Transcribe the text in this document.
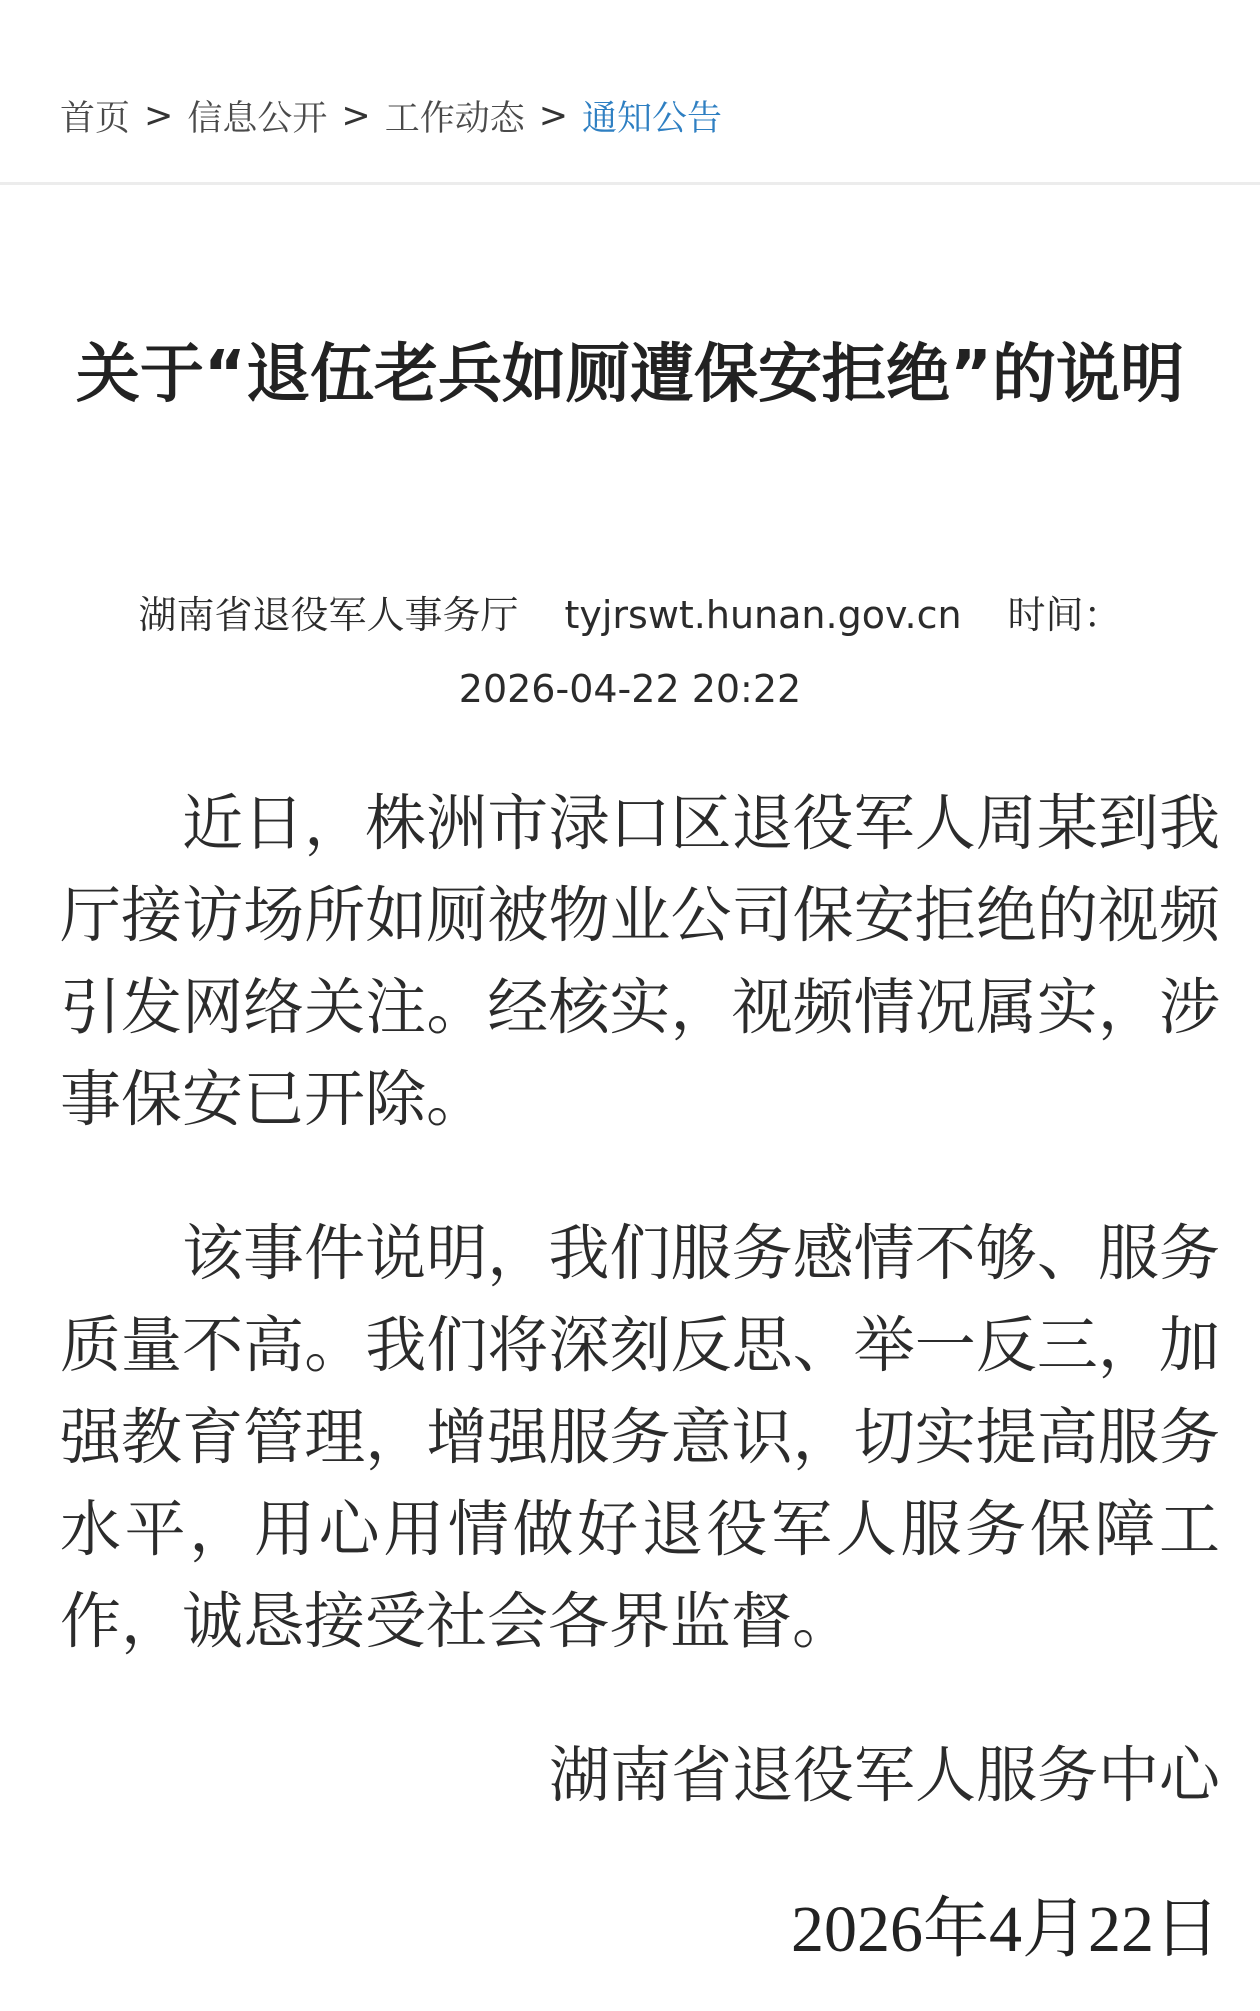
首页 > 信息公开 > 工作动态 > 通知公告
关于“退伍老兵如厕遭保安拒绝”的说明
湖南省退役军人事务厅 tyjrswt.hunan.gov.cn 时间：
2026-04-22 20:22

近日，株洲市渌口区退役军人周某到我厅接访场所如厕被物业公司保安拒绝的视频引发网络关注。经核实，视频情况属实，涉事保安已开除。

该事件说明，我们服务感情不够、服务质量不高。我们将深刻反思、举一反三，加强教育管理，增强服务意识，切实提高服务水平，用心用情做好退役军人服务保障工作，诚恳接受社会各界监督。

湖南省退役军人服务中心
2026年4月22日
